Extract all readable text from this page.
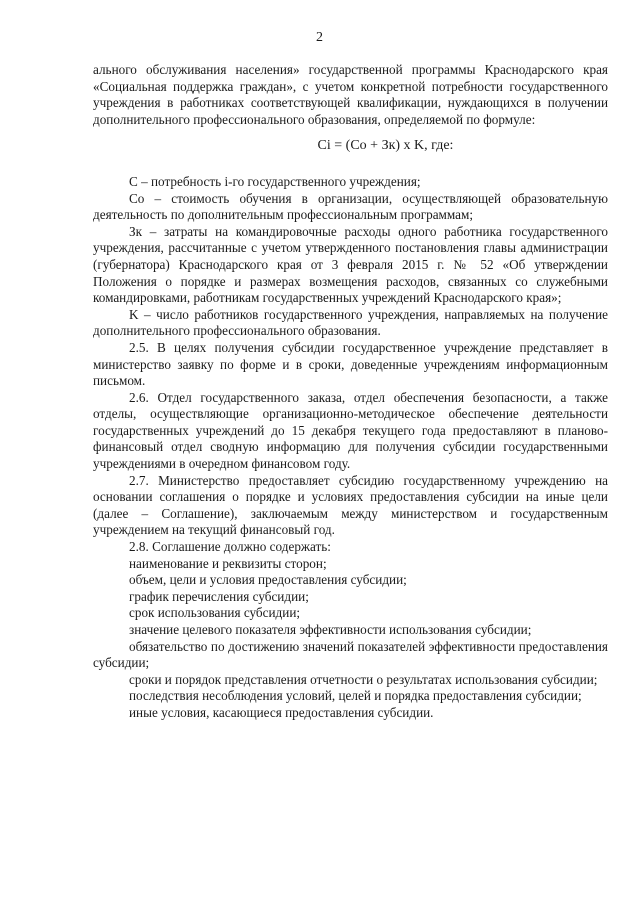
2

ального обслуживания населения» государственной программы Краснодарского края «Социальная поддержка граждан», с учетом конкретной потребности государственного учреждения в работниках соответствующей квалификации, нуждающихся в получении дополнительного профессионального образования, определяемой по формуле:

Ci = (Co + Зк) x K, где:

C – потребность i-го государственного учреждения;

Co – стоимость обучения в организации, осуществляющей образовательную деятельность по дополнительным профессиональным программам;

Зк – затраты на командировочные расходы одного работника государственного учреждения, рассчитанные с учетом утвержденного постановления главы администрации (губернатора) Краснодарского края от 3 февраля 2015 г. № 52 «Об утверждении Положения о порядке и размерах возмещения расходов, связанных со служебными командировками, работникам государственных учреждений Краснодарского края»;

K – число работников государственного учреждения, направляемых на получение дополнительного профессионального образования.

2.5. В целях получения субсидии государственное учреждение представляет в министерство заявку по форме и в сроки, доведенные учреждениям информационным письмом.

2.6. Отдел государственного заказа, отдел обеспечения безопасности, а также отделы, осуществляющие организационно-методическое обеспечение деятельности государственных учреждений до 15 декабря текущего года предоставляют в планово-финансовый отдел сводную информацию для получения субсидии государственными учреждениями в очередном финансовом году.

2.7. Министерство предоставляет субсидию государственному учреждению на основании соглашения о порядке и условиях предоставления субсидии на иные цели (далее – Соглашение), заключаемым между министерством и государственным учреждением на текущий финансовый год.

2.8. Соглашение должно содержать:

наименование и реквизиты сторон;

объем, цели и условия предоставления субсидии;

график перечисления субсидии;

срок использования субсидии;

значение целевого показателя эффективности использования субсидии;

обязательство по достижению значений показателей эффективности предоставления субсидии;

сроки и порядок представления отчетности о результатах использования субсидии;

последствия несоблюдения условий, целей и порядка предоставления субсидии;

иные условия, касающиеся предоставления субсидии.
